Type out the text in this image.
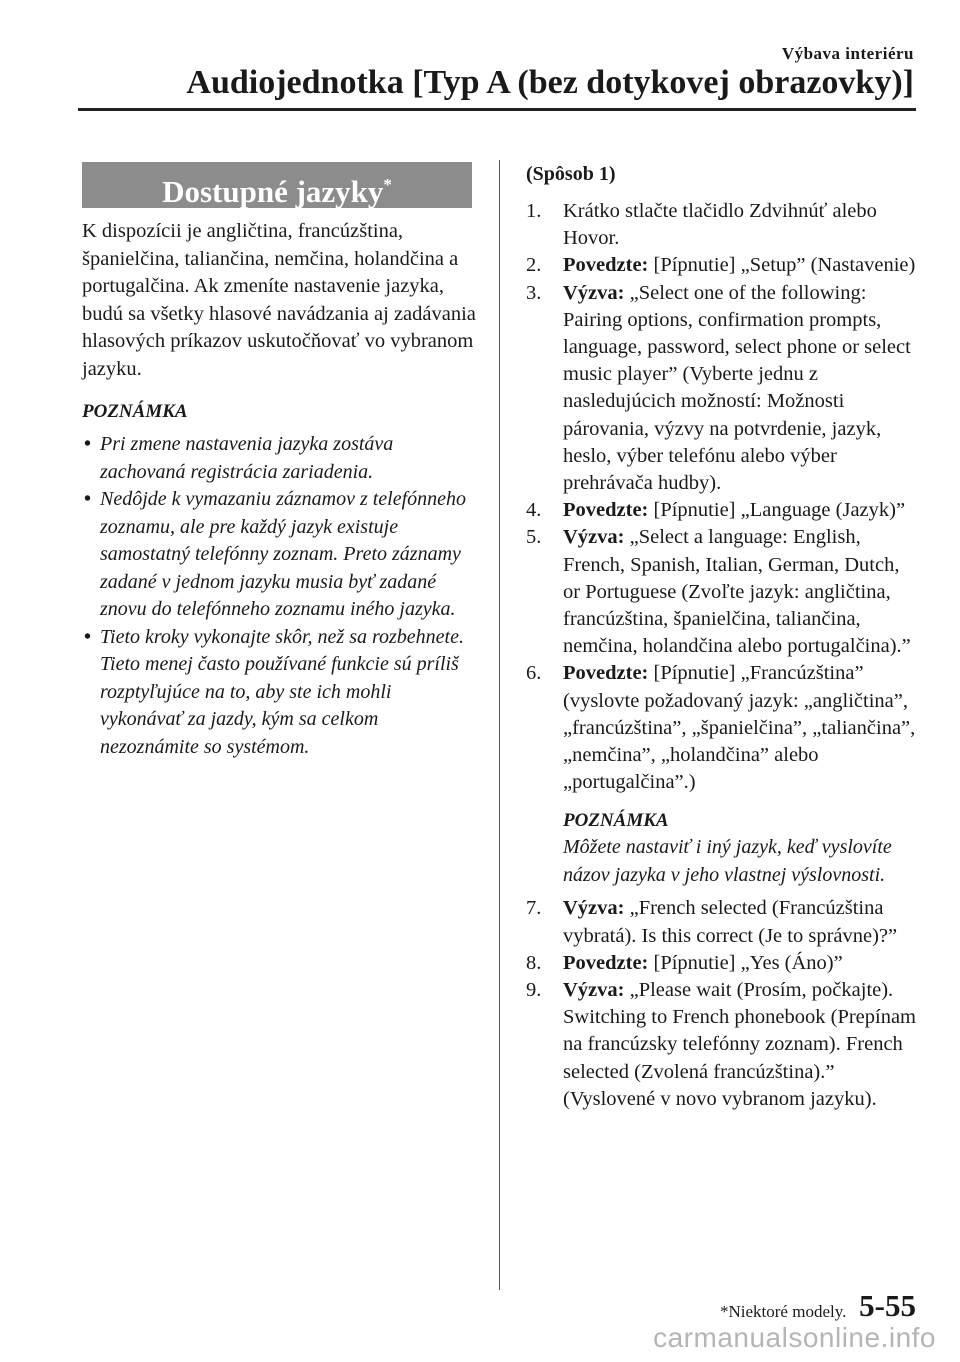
Výbava interiéru
Audiojednotka [Typ A (bez dotykovej obrazovky)]
Dostupné jazyky*

K dispozícii je angličtina, francúzština, španielčina, taliančina, nemčina, holandčina a portugalčina. Ak zmeníte nastavenie jazyka, budú sa všetky hlasové navádzania aj zadávania hlasových príkazov uskutočňovať vo vybranom jazyku.

POZNÁMKA
• Pri zmene nastavenia jazyka zostáva zachovaná registrácia zariadenia.
• Nedôjde k vymazaniu záznamov z telefónneho zoznamu, ale pre každý jazyk existuje samostatný telefónny zoznam. Preto záznamy zadané v jednom jazyku musia byť zadané znovu do telefónneho zoznamu iného jazyka.
• Tieto kroky vykonajte skôr, než sa rozbehnete. Tieto menej často používané funkcie sú príliš rozptyľujúce na to, aby ste ich mohli vykonávať za jazdy, kým sa celkom nezoznámite so systémom.
(Spôsob 1)
1. Krátko stlačte tlačidlo Zdvihnúť alebo Hovor.
2. Povedzte: [Pípnutie] „Setup” (Nastavenie)
3. Výzva: „Select one of the following: Pairing options, confirmation prompts, language, password, select phone or select music player” (Vyberte jednu z nasledujúcich možností: Možnosti párovania, výzvy na potvrdenie, jazyk, heslo, výber telefónu alebo výber prehrávača hudby).
4. Povedzte: [Pípnutie] „Language (Jazyk)”
5. Výzva: „Select a language: English, French, Spanish, Italian, German, Dutch, or Portuguese (Zvoľte jazyk: angličtina, francúzština, španielčina, taliančina, nemčina, holandčina alebo portugalčina).”
6. Povedzte: [Pípnutie] „Francúzština” (vyslovte požadovaný jazyk: „angličtina”, „francúzština”, „španielčina”, „taliančina”, „nemčina”, „holandčina” alebo „portugalčina”.)
POZNÁMKA
Môžete nastaviť i iný jazyk, keď vyslovíte názov jazyka v jeho vlastnej výslovnosti.
7. Výzva: „French selected (Francúzština vybratá). Is this correct (Je to správne)?”
8. Povedzte: [Pípnutie] „Yes (Áno)”
9. Výzva: „Please wait (Prosím, počkajte). Switching to French phonebook (Prepínam na francúzsky telefónny zoznam). French selected (Zvolená francúzština).” (Vyslovené v novo vybranom jazyku).
*Niektoré modely. 5-55
carmanualsonline.info
